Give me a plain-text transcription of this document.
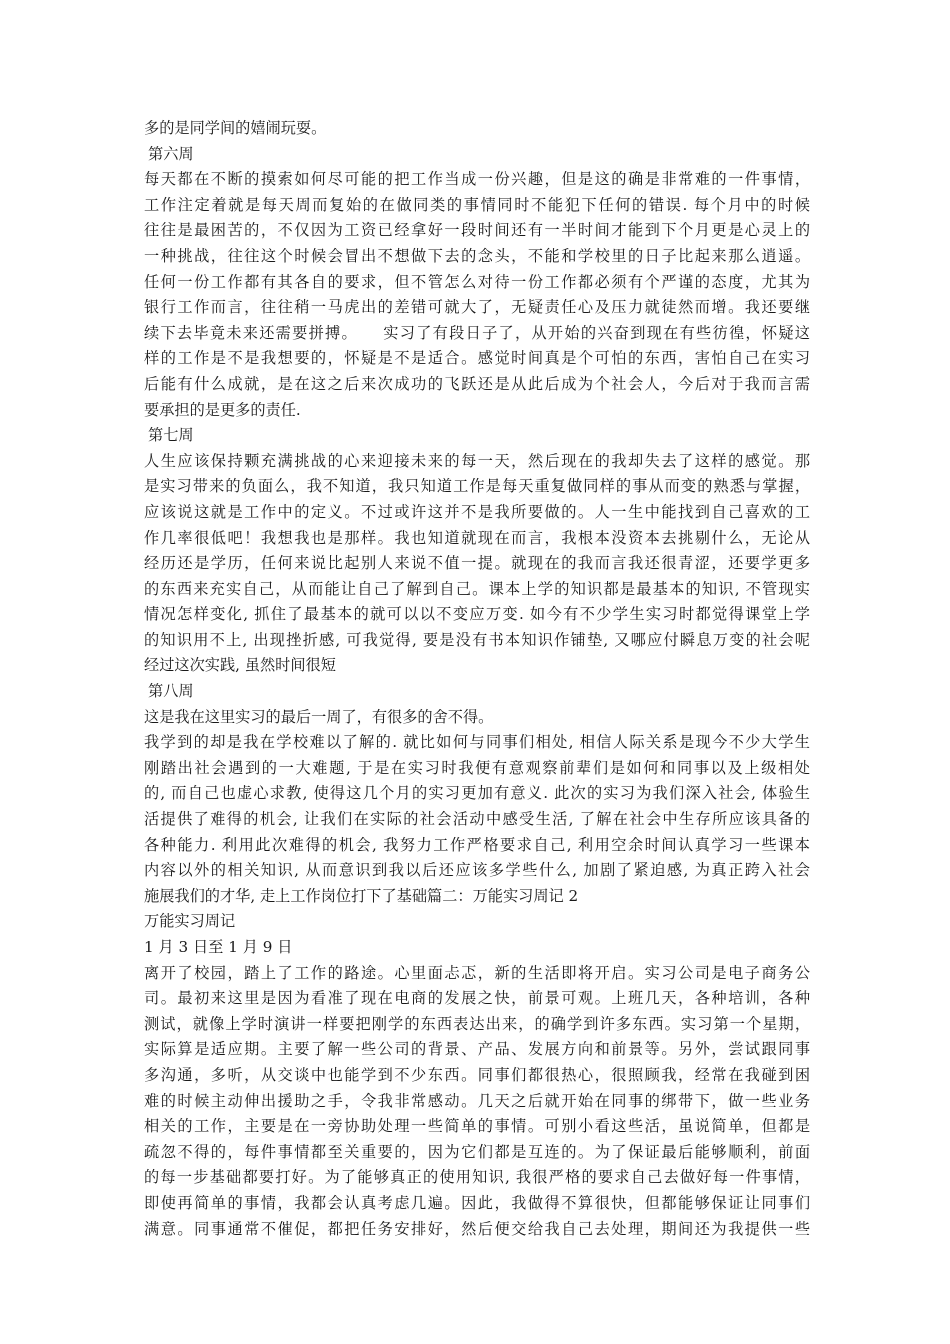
多的是同学间的嬉闹玩耍。
第六周
每天都在不断的摸索如何尽可能的把工作当成一份兴趣，但是这的确是非常难的一件事情，
工作注定着就是每天周而复始的在做同类的事情同时不能犯下任何的错误. 每个月中的时候
往往是最困苦的，不仅因为工资已经拿好一段时间还有一半时间才能到下个月更是心灵上的
一种挑战，往往这个时候会冒出不想做下去的念头，不能和学校里的日子比起来那么逍遥。
任何一份工作都有其各自的要求，但不管怎么对待一份工作都必须有个严谨的态度，尤其为
银行工作而言，往往稍一马虎出的差错可就大了，无疑责任心及压力就徒然而增。我还要继
续下去毕竟未来还需要拼搏。　　实习了有段日子了，从开始的兴奋到现在有些彷徨，怀疑这
样的工作是不是我想要的，怀疑是不是适合。感觉时间真是个可怕的东西，害怕自己在实习
后能有什么成就，是在这之后来次成功的飞跃还是从此后成为个社会人，今后对于我而言需
要承担的是更多的责任.
第七周
人生应该保持颗充满挑战的心来迎接未来的每一天，然后现在的我却失去了这样的感觉。那
是实习带来的负面么，我不知道，我只知道工作是每天重复做同样的事从而变的熟悉与掌握，
应该说这就是工作中的定义。不过或许这并不是我所要做的。人一生中能找到自己喜欢的工
作几率很低吧！我想我也是那样。我也知道就现在而言，我根本没资本去挑剔什么，无论从
经历还是学历，任何来说比起别人来说不值一提。就现在的我而言我还很青涩，还要学更多
的东西来充实自己，从而能让自己了解到自己。课本上学的知识都是最基本的知识, 不管现实
情况怎样变化, 抓住了最基本的就可以以不变应万变. 如今有不少学生实习时都觉得课堂上学
的知识用不上, 出现挫折感, 可我觉得, 要是没有书本知识作铺垫, 又哪应付瞬息万变的社会呢
经过这次实践, 虽然时间很短
第八周
这是我在这里实习的最后一周了，有很多的舍不得。
我学到的却是我在学校难以了解的. 就比如何与同事们相处, 相信人际关系是现今不少大学生
刚踏出社会遇到的一大难题, 于是在实习时我便有意观察前辈们是如何和同事以及上级相处
的, 而自己也虚心求教, 使得这几个月的实习更加有意义. 此次的实习为我们深入社会, 体验生
活提供了难得的机会, 让我们在实际的社会活动中感受生活, 了解在社会中生存所应该具备的
各种能力. 利用此次难得的机会, 我努力工作严格要求自己, 利用空余时间认真学习一些课本
内容以外的相关知识, 从而意识到我以后还应该多学些什么, 加剧了紧迫感, 为真正跨入社会
施展我们的才华, 走上工作岗位打下了基础篇二：万能实习周记 2
万能实习周记
1 月 3 日至 1 月 9 日
离开了校园，踏上了工作的路途。心里面忐忑，新的生活即将开启。实习公司是电子商务公
司。最初来这里是因为看准了现在电商的发展之快，前景可观。上班几天，各种培训，各种
测试，就像上学时演讲一样要把刚学的东西表达出来，的确学到许多东西。实习第一个星期，
实际算是适应期。主要了解一些公司的背景、产品、发展方向和前景等。另外，尝试跟同事
多沟通，多听，从交谈中也能学到不少东西。同事们都很热心，很照顾我，经常在我碰到困
难的时候主动伸出援助之手，令我非常感动。几天之后就开始在同事的绑带下，做一些业务
相关的工作，主要是在一旁协助处理一些简单的事情。可别小看这些活，虽说简单，但都是
疏忽不得的，每件事情都至关重要的，因为它们都是互连的。为了保证最后能够顺利，前面
的每一步基础都要打好。为了能够真正的使用知识, 我很严格的要求自己去做好每一件事情，
即使再简单的事情，我都会认真考虑几遍。因此，我做得不算很快，但都能够保证让同事们
满意。同事通常不催促，都把任务安排好，然后便交给我自己去处理，期间还为我提供一些
